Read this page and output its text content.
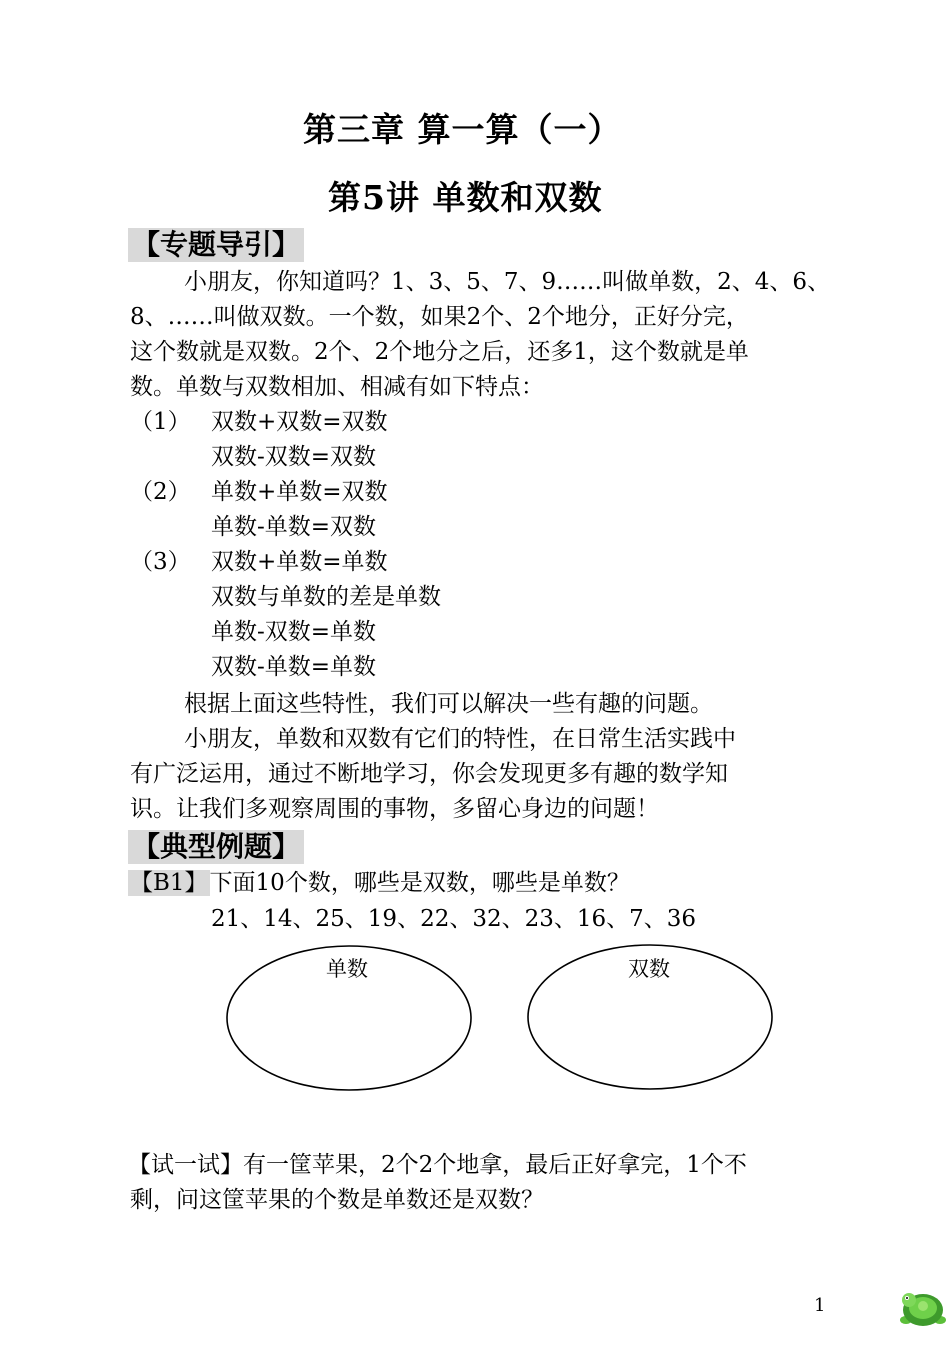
第三章 算一算（一）
第5讲 单数和双数
【专题导引】
小朋友，你知道吗？1、3、5、7、9……叫做单数，2、4、6、
8、……叫做双数。一个数，如果2个、2个地分，正好分完，
这个数就是双数。2个、2个地分之后，还多1，这个数就是单
数。单数与双数相加、相减有如下特点：
（1） 双数+双数=双数
双数-双数=双数
（2） 单数+单数=双数
单数-单数=双数
（3） 双数+单数=单数
双数与单数的差是单数
单数-双数=单数
双数-单数=单数
根据上面这些特性，我们可以解决一些有趣的问题。
小朋友，单数和双数有它们的特性，在日常生活实践中
有广泛运用，通过不断地学习，你会发现更多有趣的数学知
识。让我们多观察周围的事物，多留心身边的问题！
【典型例题】
【B1】下面10个数，哪些是双数，哪些是单数？
21、14、25、19、22、32、23、16、7、36
单数	双数
【试一试】有一筐苹果，2个2个地拿，最后正好拿完，1个不
剩，问这筐苹果的个数是单数还是双数？
1
